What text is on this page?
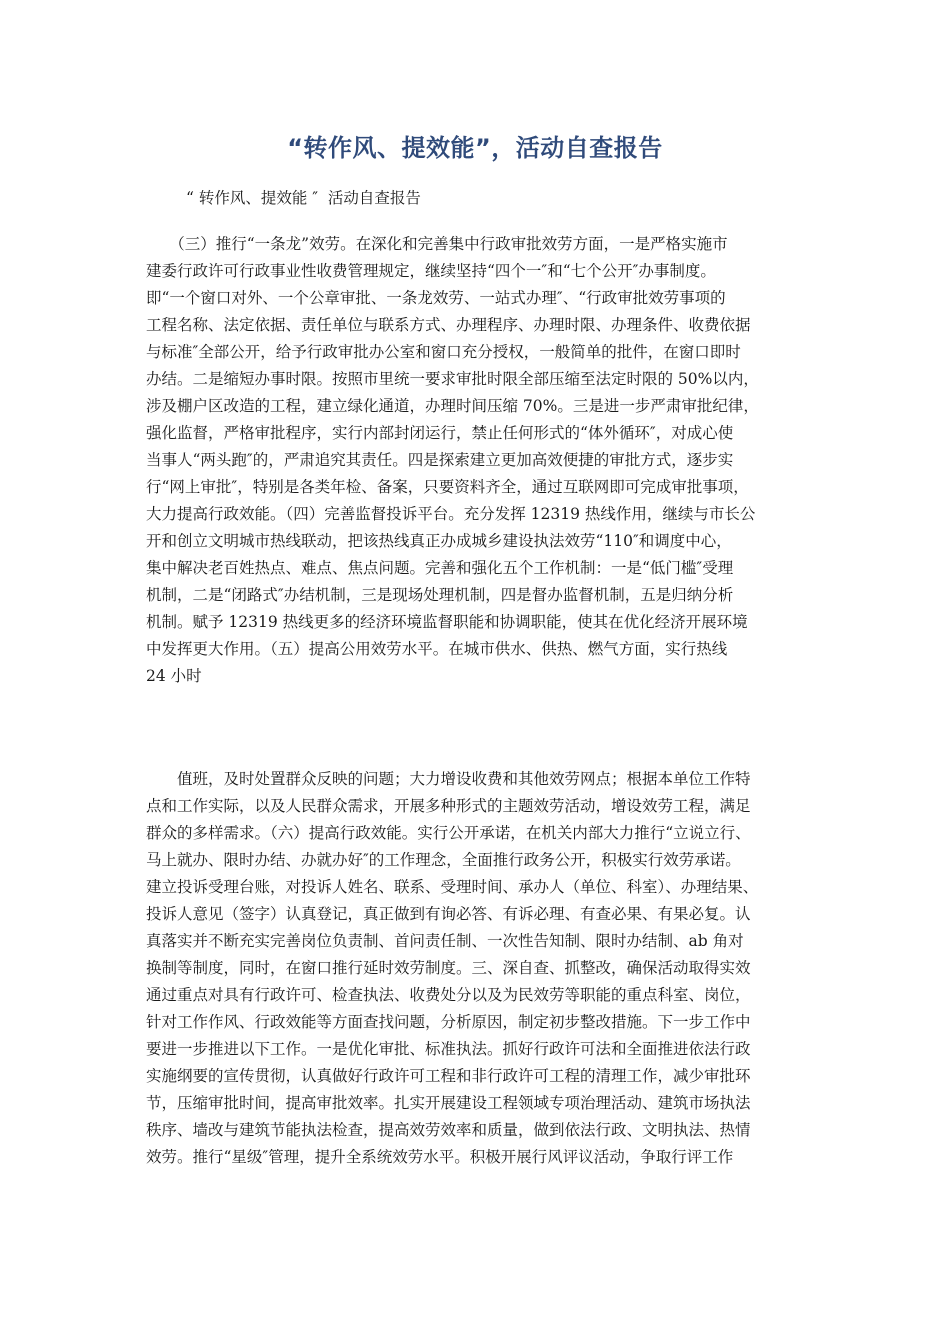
“转作风、提效能”，活动自查报告
“ 转作风、提效能 ″  活动自查报告
　　（三）推行“一条龙”效劳。在深化和完善集中行政审批效劳方面，一是严格实施市
建委行政许可行政事业性收费管理规定，继续坚持“四个一″和“七个公开″办事制度。
即“一个窗口对外、一个公章审批、一条龙效劳、一站式办理″、“行政审批效劳事项的
工程名称、法定依据、责任单位与联系方式、办理程序、办理时限、办理条件、收费依据
与标准″全部公开，给予行政审批办公室和窗口充分授权，一般简单的批件，在窗口即时
办结。二是缩短办事时限。按照市里统一要求审批时限全部压缩至法定时限的 50%以内，
涉及棚户区改造的工程，建立绿化通道，办理时间压缩 70%。三是进一步严肃审批纪律，
强化监督，严格审批程序，实行内部封闭运行，禁止任何形式的“体外循环″，对成心使
当事人“两头跑″的，严肃追究其责任。四是探索建立更加高效便捷的审批方式，逐步实
行“网上审批″，特别是各类年检、备案，只要资料齐全，通过互联网即可完成审批事项，
大力提高行政效能。（四）完善监督投诉平台。充分发挥 12319 热线作用，继续与市长公
开和创立文明城市热线联动，把该热线真正办成城乡建设执法效劳“110″和调度中心，
集中解决老百姓热点、难点、焦点问题。完善和强化五个工作机制：一是“低门槛″受理
机制，二是“闭路式″办结机制，三是现场处理机制，四是督办监督机制，五是归纳分析
机制。赋予 12319 热线更多的经济环境监督职能和协调职能，使其在优化经济开展环境
中发挥更大作用。（五）提高公用效劳水平。在城市供水、供热、燃气方面，实行热线
24 小时
　　值班，及时处置群众反映的问题；大力增设收费和其他效劳网点；根据本单位工作特
点和工作实际，以及人民群众需求，开展多种形式的主题效劳活动，增设效劳工程，满足
群众的多样需求。（六）提高行政效能。实行公开承诺，在机关内部大力推行“立说立行、
马上就办、限时办结、办就办好″的工作理念，全面推行政务公开，积极实行效劳承诺。
建立投诉受理台账，对投诉人姓名、联系、受理时间、承办人（单位、科室）、办理结果、
投诉人意见（签字）认真登记，真正做到有询必答、有诉必理、有查必果、有果必复。认
真落实并不断充实完善岗位负责制、首问责任制、一次性告知制、限时办结制、ab 角对
换制等制度，同时，在窗口推行延时效劳制度。三、深自查、抓整改，确保活动取得实效
通过重点对具有行政许可、检查执法、收费处分以及为民效劳等职能的重点科室、岗位，
针对工作作风、行政效能等方面查找问题，分析原因，制定初步整改措施。下一步工作中
要进一步推进以下工作。一是优化审批、标准执法。抓好行政许可法和全面推进依法行政
实施纲要的宣传贯彻，认真做好行政许可工程和非行政许可工程的清理工作，减少审批环
节，压缩审批时间，提高审批效率。扎实开展建设工程领域专项治理活动、建筑市场执法
秩序、墙改与建筑节能执法检查，提高效劳效率和质量，做到依法行政、文明执法、热情
效劳。推行“星级″管理，提升全系统效劳水平。积极开展行风评议活动，争取行评工作
